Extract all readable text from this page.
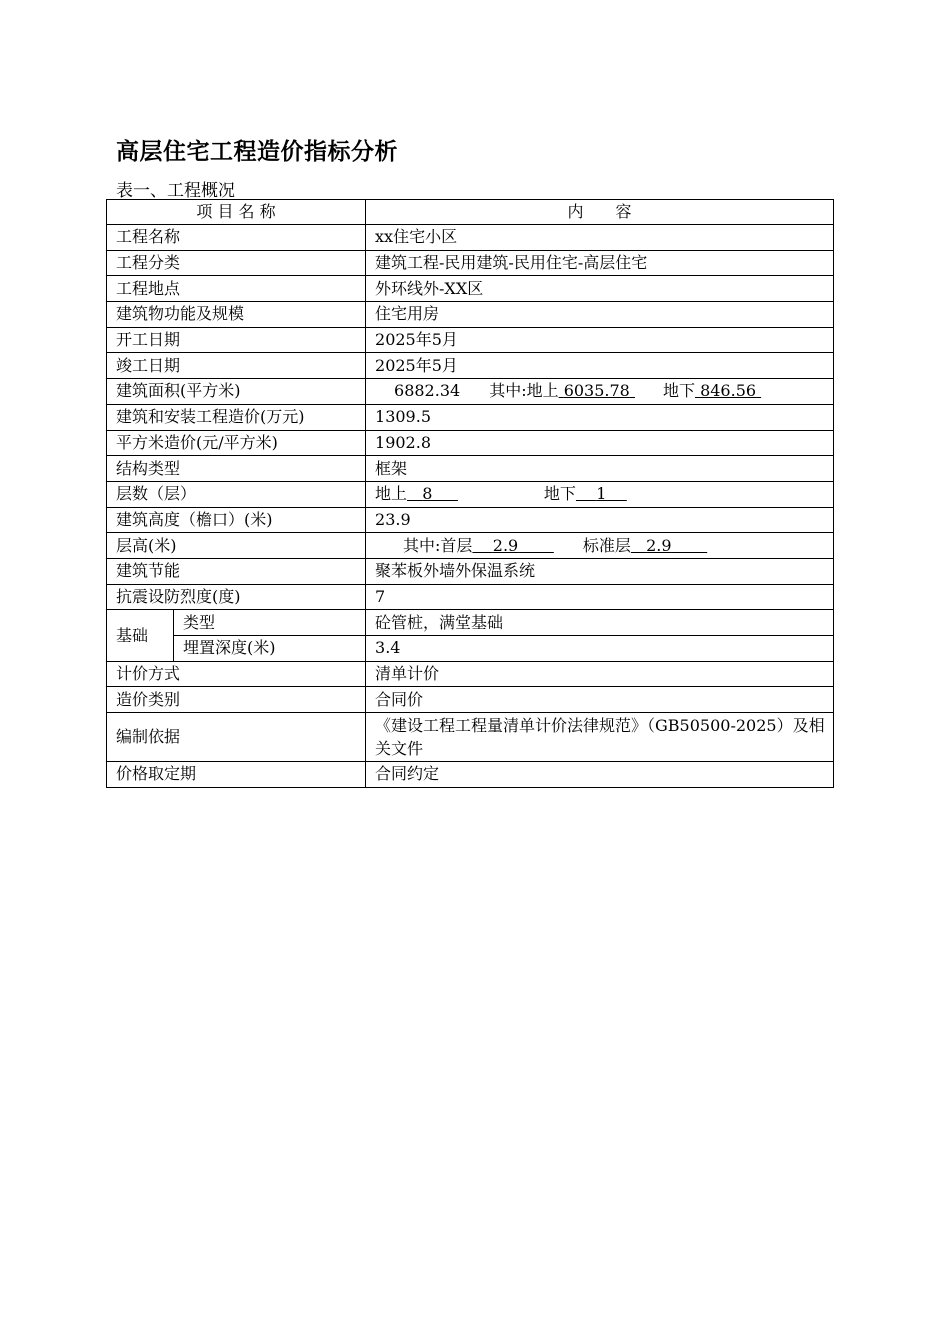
高层住宅工程造价指标分析
表一、工程概况
项 目 名 称		内　　容
工程名称		xx住宅小区
工程分类		建筑工程-民用建筑-民用住宅-高层住宅
工程地点		外环线外-XX区
建筑物功能及规模		住宅用房
开工日期		2025年5月
竣工日期		2025年5月
建筑面积(平方米)		6882.34 其中:地上 6035.78 地下 846.56
建筑和安装工程造价(万元)		1309.5
平方米造价(元/平方米)		1902.8
结构类型		框架
层数（层）		地上 8 地下 1
建筑高度（檐口）(米)		23.9
层高(米)		其中:首层 2.9 标准层 2.9
建筑节能		聚苯板外墙外保温系统
抗震设防烈度(度)		7
基础	类型	砼管桩，满堂基础
	埋置深度(米)	3.4
计价方式		清单计价
造价类别		合同价
编制依据		《建设工程工程量清单计价法律规范》（GB50500-2025）及相关文件
价格取定期		合同约定
